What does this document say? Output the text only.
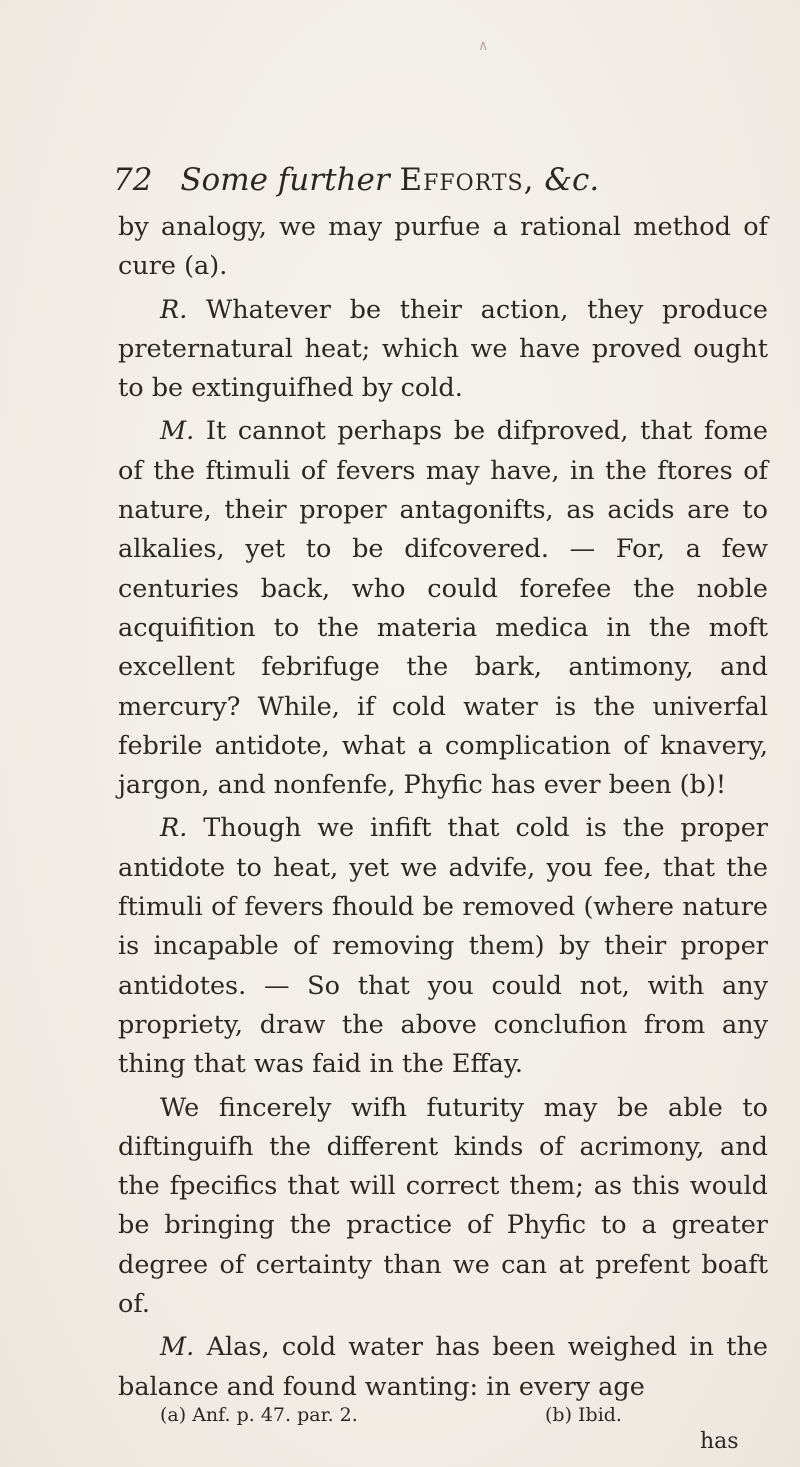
∧
72 Some further Efforts, &c.

by analogy, we may purfue a rational method of cure (a).

R. Whatever be their action, they produce preternatural heat; which we have proved ought to be extinguifhed by cold.

M. It cannot perhaps be difproved, that fome of the ftimuli of fevers may have, in the ftores of nature, their proper antagonifts, as acids are to alkalies, yet to be difcovered. — For, a few centuries back, who could forefee the noble acquifition to the materia medica in the moft excellent febrifuge the bark, antimony, and mercury? While, if cold water is the univerfal febrile antidote, what a complication of knavery, jargon, and nonfenfe, Phyfic has ever been (b)!

R. Though we infift that cold is the proper antidote to heat, yet we advife, you fee, that the ftimuli of fevers fhould be removed (where nature is incapable of removing them) by their proper antidotes. — So that you could not, with any propriety, draw the above conclufion from any thing that was faid in the Effay.

We fincerely wifh futurity may be able to diftinguifh the different kinds of acrimony, and the fpecifics that will correct them; as this would be bringing the practice of Phyfic to a greater degree of certainty than we can at prefent boaft of.

M. Alas, cold water has been weighed in the balance and found wanting: in every age

(a) Anf. p. 47. par. 2.	(b) Ibid.
has
